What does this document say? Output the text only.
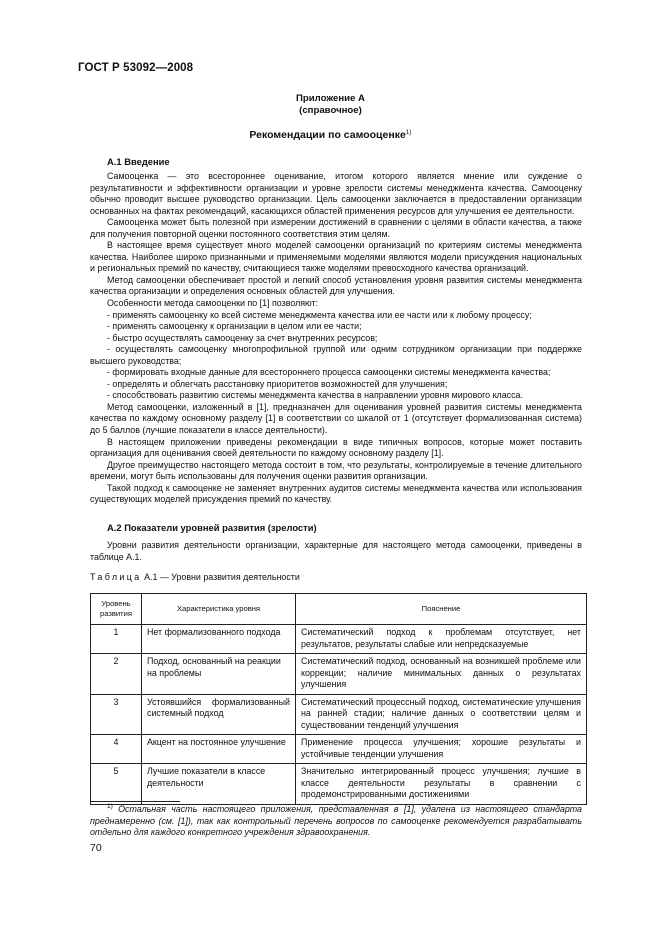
ГОСТ Р 53092—2008
Приложение А
(справочное)
Рекомендации по самооценке$^{1)}$
А.1 Введение

Самооценка — это всестороннее оценивание, итогом которого является мнение или суждение о результативности и эффективности организации и уровне зрелости системы менеджмента качества. Самооценку обычно проводит высшее руководство организации. Цель самооценки заключается в предоставлении организации основанных на фактах рекомендаций, касающихся областей применения ресурсов для улучшения ее деятельности.

Самооценка может быть полезной при измерении достижений в сравнении с целями в области качества, а также для получения повторной оценки постоянного соответствия этим целям.

В настоящее время существует много моделей самооценки организаций по критериям системы менеджмента качества. Наиболее широко признанными и применяемыми моделями являются модели присуждения национальных и региональных премий по качеству, считающиеся также моделями превосходного качества организаций.

Метод самооценки обеспечивает простой и легкий способ установления уровня развития системы менеджмента качества организации и определения основных областей для улучшения.

Особенности метода самооценки по [1] позволяют:

- применять самооценку ко всей системе менеджмента качества или ее части или к любому процессу;

- применять самооценку к организации в целом или ее части;

- быстро осуществлять самооценку за счет внутренних ресурсов;

- осуществлять самооценку многопрофильной группой или одним сотрудником организации при поддержке высшего руководства;

- формировать входные данные для всестороннего процесса самооценки системы менеджмента качества;

- определять и облегчать расстановку приоритетов возможностей для улучшения;

- способствовать развитию системы менеджмента качества в направлении уровня мирового класса.

Метод самооценки, изложенный в [1], предназначен для оценивания уровней развития системы менеджмента качества по каждому основному разделу [1] в соответствии со шкалой от 1 (отсутствует формализованная система) до 5 баллов (лучшие показатели в классе деятельности).

В настоящем приложении приведены рекомендации в виде типичных вопросов, которые может поставить организация для оценивания своей деятельности по каждому основному разделу [1].

Другое преимущество настоящего метода состоит в том, что результаты, контролируемые в течение длительного времени, могут быть использованы для получения оценки развития организации.

Такой подход к самооценке не заменяет внутренних аудитов системы менеджмента качества или использования существующих моделей присуждения премий по качеству.

А.2 Показатели уровней развития (зрелости)

Уровни развития деятельности организации, характерные для настоящего метода самооценки, приведены в таблице А.1.

Таблица А.1 — Уровни развития деятельности
Уровень развития	Характеристика уровня	Пояснение
1	Нет формализованного подхода	Систематический подход к проблемам отсутствует, нет результатов, результаты слабые или непредсказуемые
2	Подход, основанный на реакции на проблемы	Систематический подход, основанный на возникшей проблеме или коррекции; наличие минимальных данных о результатах улучшения
3	Устоявшийся формализованный системный подход	Систематический процессный подход, систематические улучшения на ранней стадии; наличие данных о соответствии целям и существовании тенденций улучшения
4	Акцент на постоянное улучшение	Применение процесса улучшения; хорошие результаты и устойчивые тенденции улучшения
5	Лучшие показатели в классе деятельности	Значительно интегрированный процесс улучшения; лучшие в классе деятельности результаты в сравнении с продемонстрированными достижениями

$^{1)}$ Остальная часть настоящего приложения, представленная в [1], удалена из настоящего стандарта преднамеренно (см. [1]), так как контрольный перечень вопросов по самооценке рекомендуется разрабатывать отдельно для каждого конкретного учреждения здравоохранения.

70
